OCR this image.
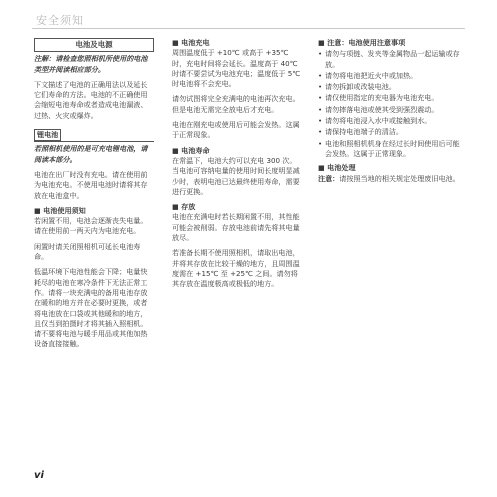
安全须知
电池及电源

注解：请检查您照相机所使用的电池类型并阅读相应部分。

下文描述了电池的正确用法以及延长它们寿命的方法。电池的不正确使用会缩短电池寿命或者造成电池漏液、过热、火灾或爆炸。

锂电池

若照相机使用的是可充电锂电池，请阅读本部分。

电池在出厂时没有充电。请在使用前为电池充电。不使用电池时请将其存放在电池盒中。

■ 电池使用须知

若闲置不用，电池会逐渐丧失电量。请在使用前一两天内为电池充电。

闲置时请关闭照相机可延长电池寿命。

低温环境下电池性能会下降；电量快耗尽的电池在寒冷条件下无法正常工作。请将一块充满电的备用电池存放在暖和的地方并在必要时更换，或者将电池放在口袋或其他暖和的地方，且仅当到拍摄时才将其插入照相机。请不要将电池与暖手用品或其他加热设备直接接触。

■ 电池充电

周围温度低于 +10℃ 或高于 +35℃ 时，充电时间将会延长。温度高于 40℃ 时请不要尝试为电池充电；温度低于 5℃ 时电池将不会充电。

请勿试图将完全充满电的电池再次充电。但是电池无需完全放电后才充电。

电池在刚充电或使用后可能会发热。这属于正常现象。

■ 电池寿命

在常温下，电池大约可以充电 300 次。当电池可容纳电量的使用时间长度明显减少时，表明电池已达最终使用寿命，需要进行更换。

■ 存放

电池在充满电时若长期闲置不用，其性能可能会被削弱。存放电池前请先将其电量放尽。

若准备长期不使用照相机，请取出电池，并将其存放在比较干燥的地方，且周围温度需在 +15℃ 至 +25℃ 之间。请勿将其存放在温度极高或极低的地方。

■ 注意：电池使用注意事项
• 请勿与项链、发夹等金属物品一起运输或存放。
• 请勿将电池把近火中或加热。
• 请勿拆卸或改装电池。
• 请仅使用指定的充电器为电池充电。
• 请勿摔落电池或使其受到强烈震动。
• 请勿将电池浸入水中或接触到水。
• 请保持电池端子的清洁。
• 电池和照相机机身在经过长时间使用后可能会发热。这属于正常现象。
■ 电池处理

注意：请按照当地的相关规定处理废旧电池。

vi
